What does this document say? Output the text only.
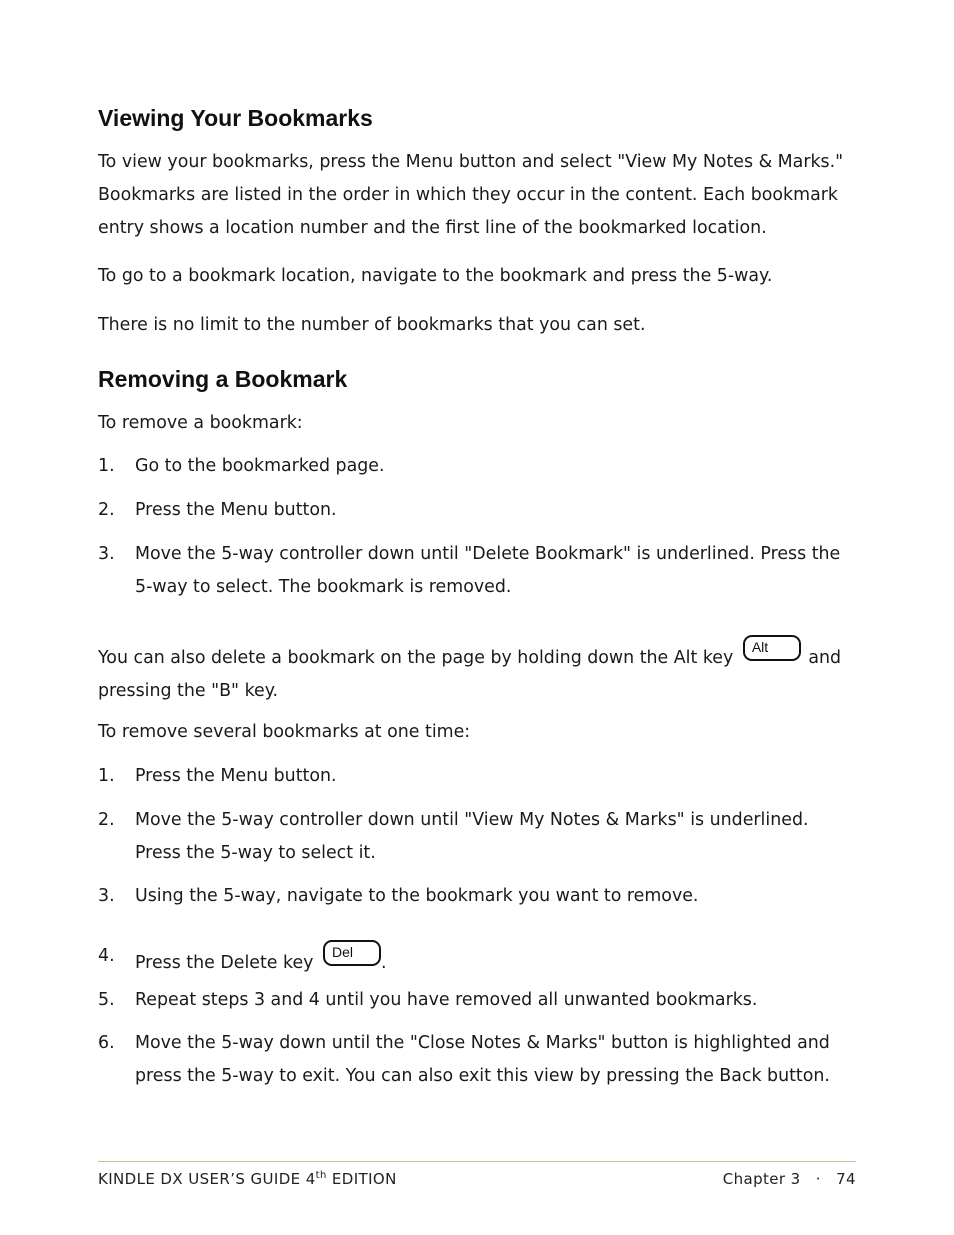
Viewing Your Bookmarks

To view your bookmarks, press the Menu button and select "View My Notes & Marks." Bookmarks are listed in the order in which they occur in the content. Each bookmark entry shows a location number and the first line of the bookmarked location.

To go to a bookmark location, navigate to the bookmark and press the 5-way.

There is no limit to the number of bookmarks that you can set.

Removing a Bookmark

To remove a bookmark:

1. Go to the bookmarked page.
2. Press the Menu button.
3. Move the 5-way controller down until "Delete Bookmark" is underlined. Press the 5-way to select. The bookmark is removed.

You can also delete a bookmark on the page by holding down the Alt key
Alt
and pressing the "B" key.

To remove several bookmarks at one time:

1. Press the Menu button.
2. Move the 5-way controller down until "View My Notes & Marks" is underlined. Press the 5-way to select it.
3. Using the 5-way, navigate to the bookmark you want to remove.
4. Press the Delete key
Del
.
5. Repeat steps 3 and 4 until you have removed all unwanted bookmarks.
6. Move the 5-way down until the "Close Notes & Marks" button is highlighted and press the 5-way to exit. You can also exit this view by pressing the Back button.
KINDLE DX USER’S GUIDE 4th EDITION	Chapter 3 · 74
